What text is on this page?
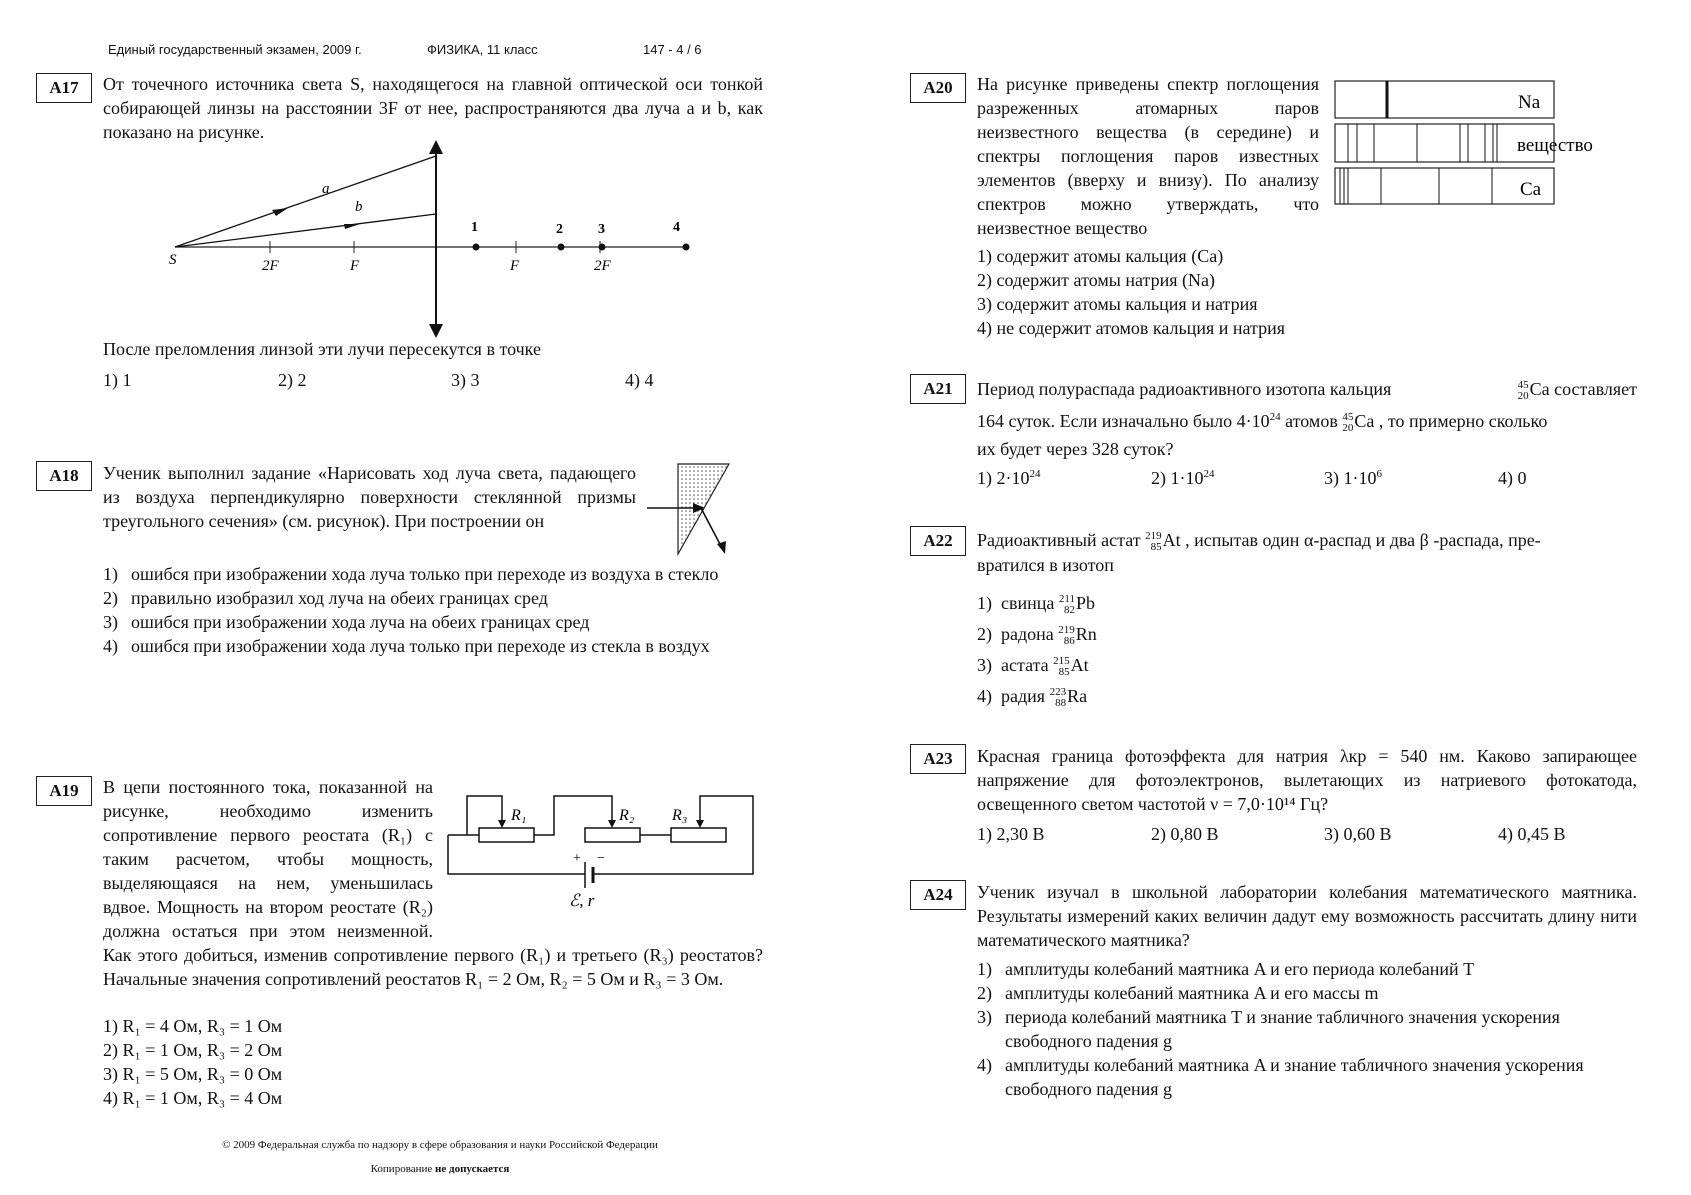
Единый государственный экзамен, 2009 г.	ФИЗИКА, 11 класс	147 - 4 / 6
А17	От точечного источника света S, находящегося на главной оптической оси тонкой собирающей линзы на расстоянии 3F от нее, распространяются два луча a и b, как показано на рисунке.
a
b
S	2F	F	F	2F
1	2	3	4
После преломления линзой эти лучи пересекутся в точке
1) 1	2) 2	3) 3	4) 4
А18	Ученик выполнил задание «Нарисовать ход луча света, падающего из воздуха перпендикулярно поверхности стеклянной призмы треугольного сечения» (см. рисунок). При построении он
1) ошибся при изображении хода луча только при переходе из воздуха в стекло
2) правильно изобразил ход луча на обеих границах сред
3) ошибся при изображении хода луча на обеих границах сред
4) ошибся при изображении хода луча только при переходе из стекла в воздух
А19	В цепи постоянного тока, показанной на рисунке, необходимо изменить сопротивление первого реостата (R₁) с таким расчетом, чтобы мощность, выделяющаяся на нем, уменьшилась вдвое. Мощность на втором реостате (R₂) должна остаться при этом неизменной. Как этого добиться, изменив сопротивление первого (R₁) и третьего (R₃) реостатов? Начальные значения сопротивлений реостатов R₁ = 2 Ом, R₂ = 5 Ом и R₃ = 3 Ом.
+ −
R₁	R₂ R₃
ℰ, r
1) R₁ = 4 Ом, R₃ = 1 Ом
2) R₁ = 1 Ом, R₃ = 2 Ом
3) R₁ = 5 Ом, R₃ = 0 Ом
4) R₁ = 1 Ом, R₃ = 4 Ом
© 2009 Федеральная служба по надзору в сфере образования и науки Российской Федерации
Копирование не допускается
А20	На рисунке приведены спектр поглощения разреженных атомарных паров неизвестного вещества (в середине) и спектры поглощения паров известных элементов (вверху и внизу). По анализу спектров можно утверждать, что неизвестное вещество
Na
вещество
Ca
1) содержит атомы кальция (Ca)
2) содержит атомы натрия (Na)
3) содержит атомы кальция и натрия
4) не содержит атомов кальция и натрия
А21	Период полураспада радиоактивного изотопа кальция	45
20 Ca составляет
164 суток. Если изначально было $4\cdot 10^{24}$ атомов 45
20 Ca , то примерно сколько
их будет через 328 суток?
1) $2\cdot 10^{24}$	2) $1\cdot 10^{24}$	3) $1\cdot 10^6$	4) 0
А22	Радиоактивный астат 219
85 At , испытав один α-распад и два β -распада, пре-
вратился в изотоп
1) свинца 211
82 Pb
2) радона 219
86 Rn
3) астата 215
85 At
4) радия 223
88 Ra
А23	Красная граница фотоэффекта для натрия λкр = 540 нм. Каково запирающее напряжение для фотоэлектронов, вылетающих из натриевого фотокатода, освещенного светом частотой ν = 7,0·10¹⁴ Гц?
1) 2,30 В	2) 0,80 В	3) 0,60 В	4) 0,45 В
А24	Ученик изучал в школьной лаборатории колебания математического маятника. Результаты измерений каких величин дадут ему возможность рассчитать длину нити математического маятника?
1) амплитуды колебаний маятника A и его периода колебаний T
2) амплитуды колебаний маятника A и его массы m
3) периода колебаний маятника T и знание табличного значения ускорения свободного падения g
4) амплитуды колебаний маятника A и знание табличного значения ускорения свободного падения g
